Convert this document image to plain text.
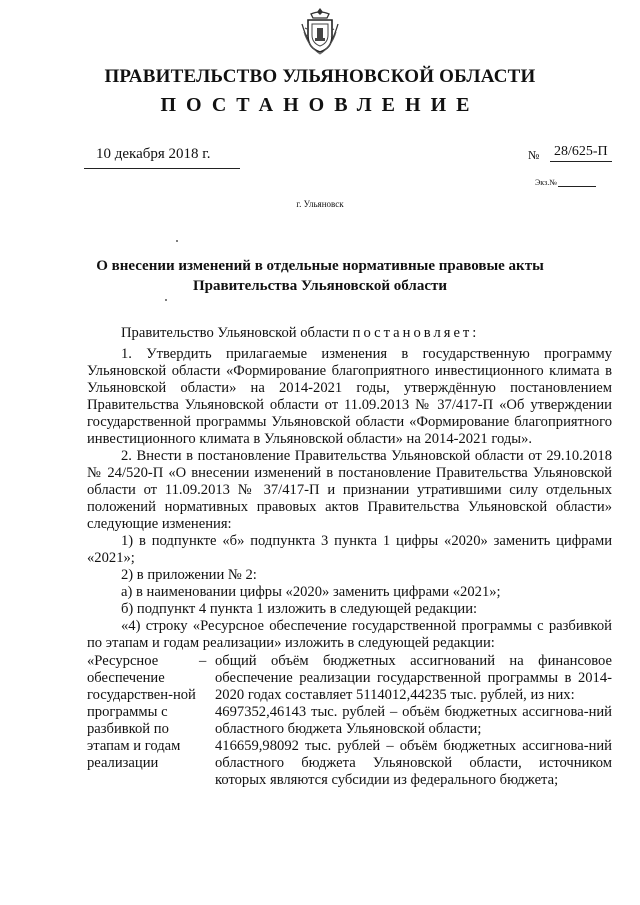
ПРАВИТЕЛЬСТВО УЛЬЯНОВСКОЙ ОБЛАСТИ
ПОСТАНОВЛЕНИЕ
10 декабря 2018 г.	№ 28/625-П
Экз.№
г. Ульяновск
О внесении изменений в отдельные нормативные правовые акты
Правительства Ульяновской области

Правительство Ульяновской области постановляет:

1. Утвердить прилагаемые изменения в государственную программу Ульяновской области «Формирование благоприятного инвестиционного климата в Ульяновской области» на 2014-2021 годы, утверждённую постановлением Правительства Ульяновской области от 11.09.2013 № 37/417-П «Об утверждении государственной программы Ульяновской области «Формирование благоприятного инвестиционного климата в Ульяновской области» на 2014-2021 годы».

2. Внести в постановление Правительства Ульяновской области от 29.10.2018 № 24/520-П «О внесении изменений в постановление Правительства Ульяновской области от 11.09.2013 № 37/417-П и признании утратившими силу отдельных положений нормативных правовых актов Правительства Ульяновской области» следующие изменения:

1) в подпункте «б» подпункта 3 пункта 1 цифры «2020» заменить цифрами «2021»;

2) в приложении № 2:

а) в наименовании цифры «2020» заменить цифрами «2021»;

б) подпункт 4 пункта 1 изложить в следующей редакции:

«4) строку «Ресурсное обеспечение государственной программы с разбивкой по этапам и годам реализации» изложить в следующей редакции:

«Ресурсное обеспечение государствен-ной программы с разбивкой по этапам и годам реализации
– общий объём бюджетных ассигнований на финансовое обеспечение реализации государственной программы в 2014-2020 годах составляет 5114012,44235 тыс. рублей, из них:

4697352,46143 тыс. рублей – объём бюджетных ассигнова-ний областного бюджета Ульяновской области;

416659,98092 тыс. рублей – объём бюджетных ассигнова-ний областного бюджета Ульяновской области, источником которых являются субсидии из федерального бюджета;
